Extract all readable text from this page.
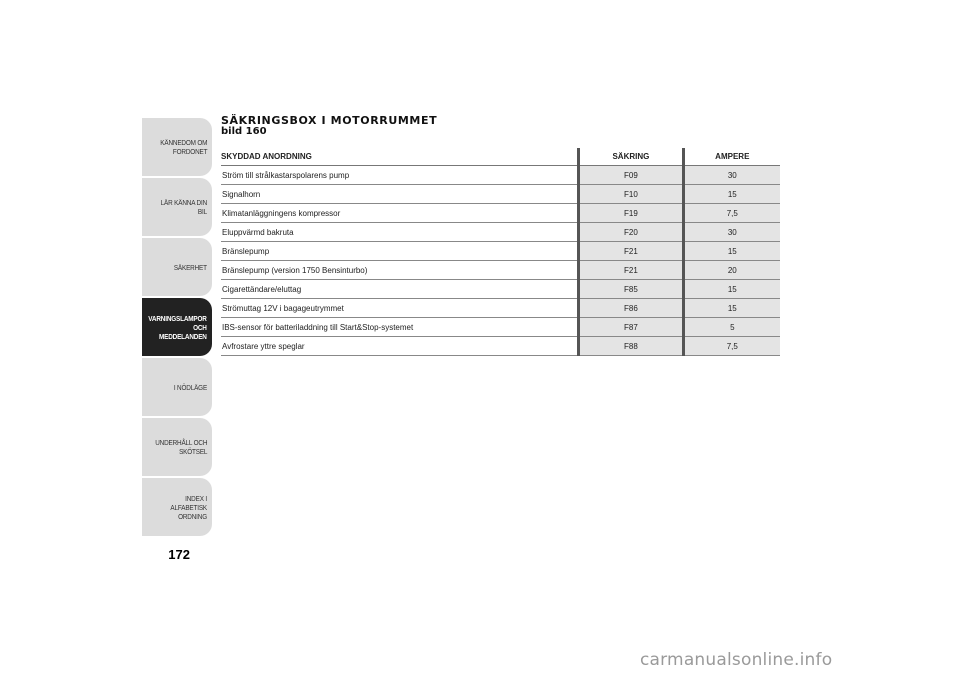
KÄNNEDOM OM
FORDONET
LÄR KÄNNA DIN BIL
SÄKERHET
VARNINGSLAMPOR
OCH
MEDDELANDEN
I NÖDLÄGE
UNDERHÅLL OCH
SKÖTSEL
INDEX I ALFABETISK
ORDNING
172
SÄKRINGSBOX I MOTORRUMMET
bild 160
SKYDDAD ANORDNING	SÄKRING	AMPERE
Ström till strålkastarspolarens pump	F09	30
Signalhorn	F10	15
Klimatanläggningens kompressor	F19	7,5
Eluppvärmd bakruta	F20	30
Bränslepump	F21	15
Bränslepump (version 1750 Bensinturbo)	F21	20
Cigarettändare/eluttag	F85	15
Strömuttag 12V i bagageutrymmet	F86	15
IBS-sensor för batteriladdning till Start&Stop-systemet	F87	5
Avfrostare yttre speglar	F88	7,5
carmanualsonline.info
